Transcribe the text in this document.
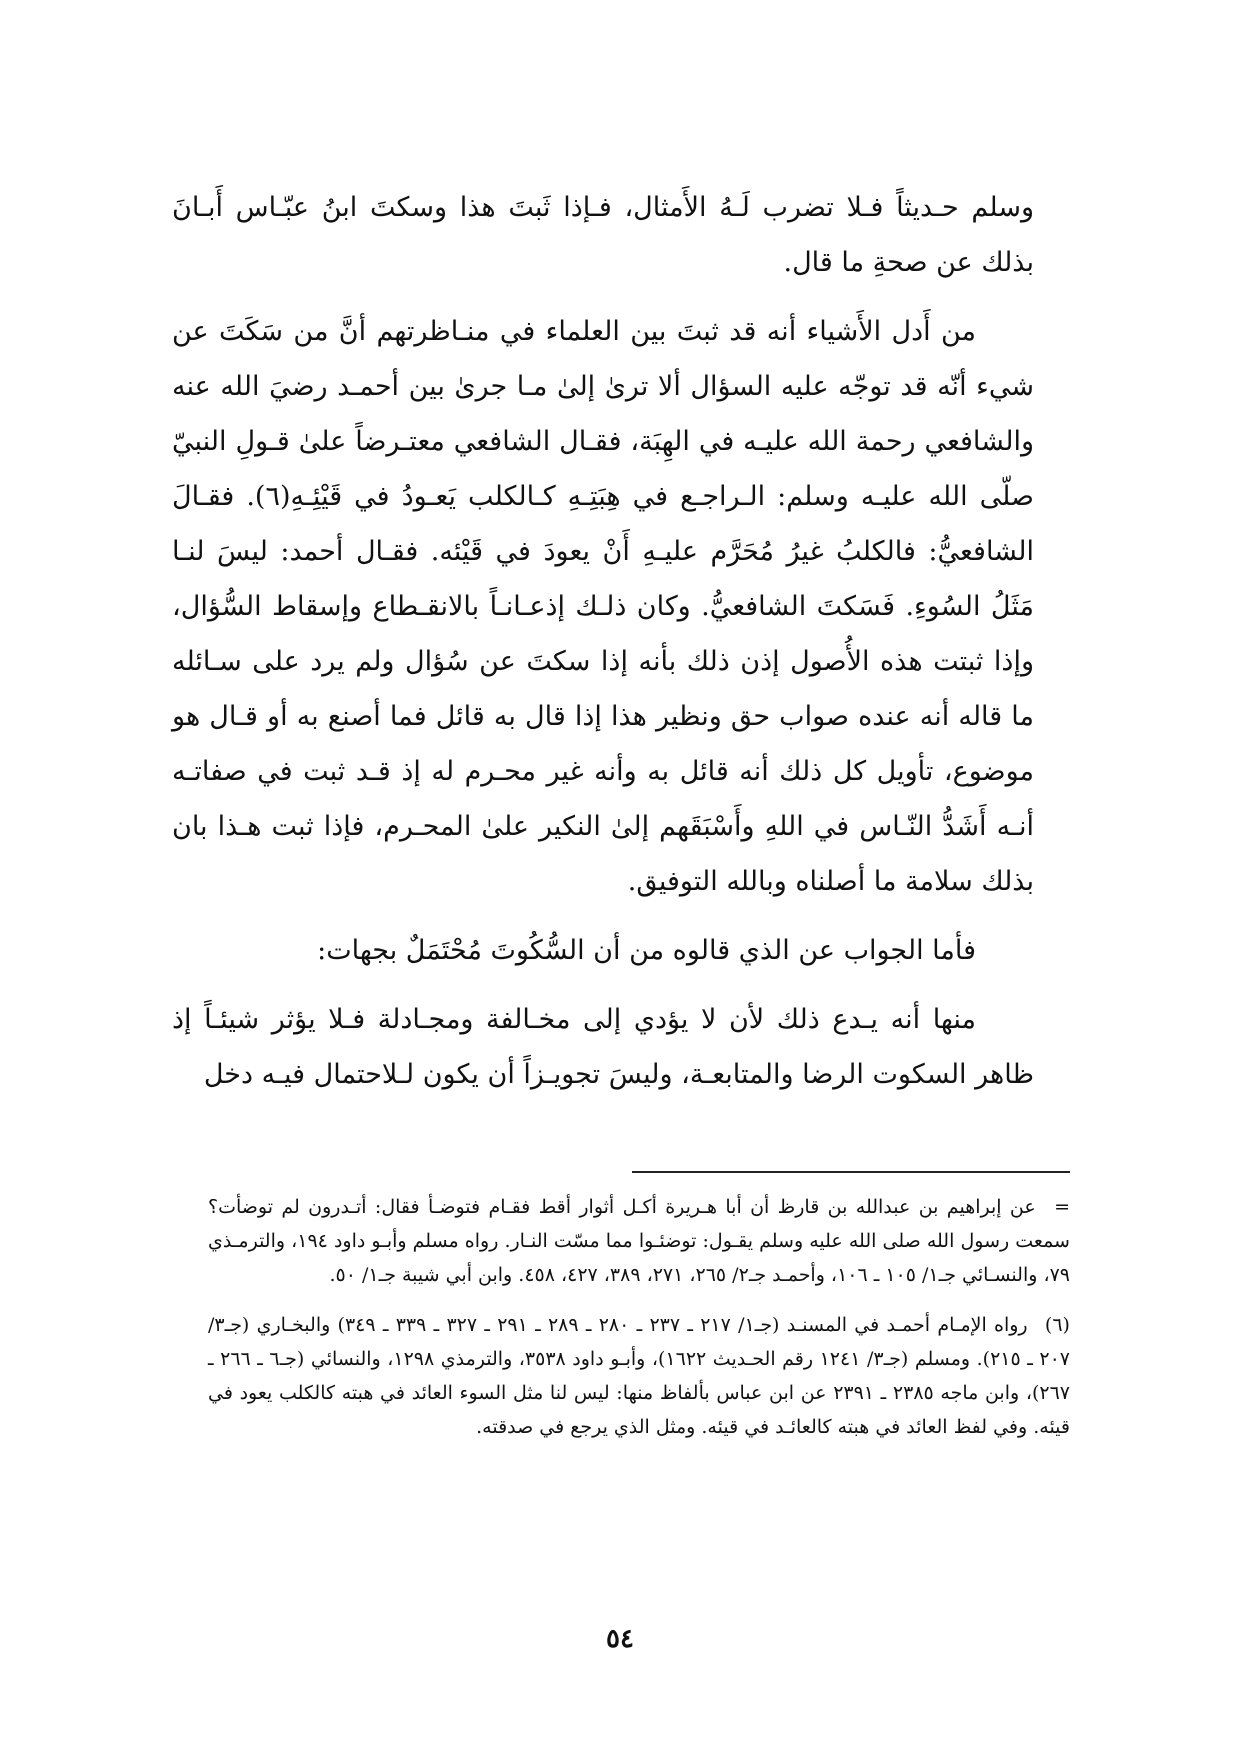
وسلم حـديثاً فـلا تضرب لَـهُ الأَمثال، فـإذا ثَبتَ هذا وسكتَ ابنُ عبّـاس أَبـانَ بذلك عن صحةِ ما قال.

من أَدل الأَشياء أنه قد ثبتَ بين العلماء في منـاظرتهم أنَّ من سَكَتَ عن شيء أنّه قد توجّه عليه السؤال ألا ترىٰ إلىٰ مـا جرىٰ بين أحمـد رضيَ الله عنه والشافعي رحمة الله عليـه في الهِبَة، فقـال الشافعي معتـرضاً علىٰ قـولِ النبيّ صلّى الله عليـه وسلم: الـراجـع في هِبَتِـهِ كـالكلب يَعـودُ في قَيْئِـهِ(٦). فقـالَ الشافعيُّ: فالكلبُ غيرُ مُحَرَّم عليـهِ أَنْ يعودَ في قَيْئه. فقـال أحمد: ليسَ لنـا مَثَلُ السُوءِ. فَسَكتَ الشافعيُّ. وكان ذلـك إذعـانـاً بالانقـطاع وإسقاط السُّؤال، وإذا ثبتت هذه الأُصول إذن ذلك بأنه إذا سكتَ عن سُؤال ولم يرد على سـائله ما قاله أنه عنده صواب حق ونظير هذا إذا قال به قائل فما أصنع به أو قـال هو موضوع، تأويل كل ذلك أنه قائل به وأنه غير محـرم له إذ قـد ثبت في صفاتـه أنـه أَشَدُّ النّـاس في اللهِ وأَسْبَقَهم إلىٰ النكير علىٰ المحـرم، فإذا ثبت هـذا بان بذلك سلامة ما أصلناه وبالله التوفيق.

فأما الجواب عن الذي قالوه من أن السُّكُوتَ مُحْتَمَلٌ بجهات:

منها أنه يـدع ذلك لأن لا يؤدي إلى مخـالفة ومجـادلة فـلا يؤثر شيئـاً إذ ظاهر السكوت الرضا والمتابعـة، وليسَ تجويـزاً أن يكون لـلاحتمال فيـه دخل

= عن إبراهيم بن عبدالله بن قارظ أن أبا هـريرة أكـل أثوار أقط فقـام فتوضـأ فقال: أتـدرون لم توضأت؟ سمعت رسول الله صلى الله عليه وسلم يقـول: توضئـوا مما مسّت النـار. رواه مسلم وأبـو داود ١٩٤، والترمـذي ٧٩، والنسـائي جـ١/ ١٠٥ ـ ١٠٦، وأحمـد جـ٢/ ٢٦٥، ٢٧١، ٣٨٩، ٤٢٧، ٤٥٨. وابن أبي شيبة جـ١/ ٥٠.

(٦) رواه الإمـام أحمـد في المسنـد (جـ١/ ٢١٧ ـ ٢٣٧ ـ ٢٨٠ ـ ٢٨٩ ـ ٢٩١ ـ ٣٢٧ ـ ٣٣٩ ـ ٣٤٩) والبخـاري (جـ٣/ ٢٠٧ ـ ٢١٥). ومسلم (جـ٣/ ١٢٤١ رقم الحـديث ١٦٢٢)، وأبـو داود ٣٥٣٨، والترمذي ١٢٩٨، والنسائي (جـ٦ ـ ٢٦٦ ـ ٢٦٧)، وابن ماجه ٢٣٨٥ ـ ٢٣٩١ عن ابن عباس بألفاظ منها: ليس لنا مثل السوء العائد في هبته كالكلب يعود في قيئه. وفي لفظ العائد في هبته كالعائـد في قيئه. ومثل الذي يرجع في صدقته.

٥٤
